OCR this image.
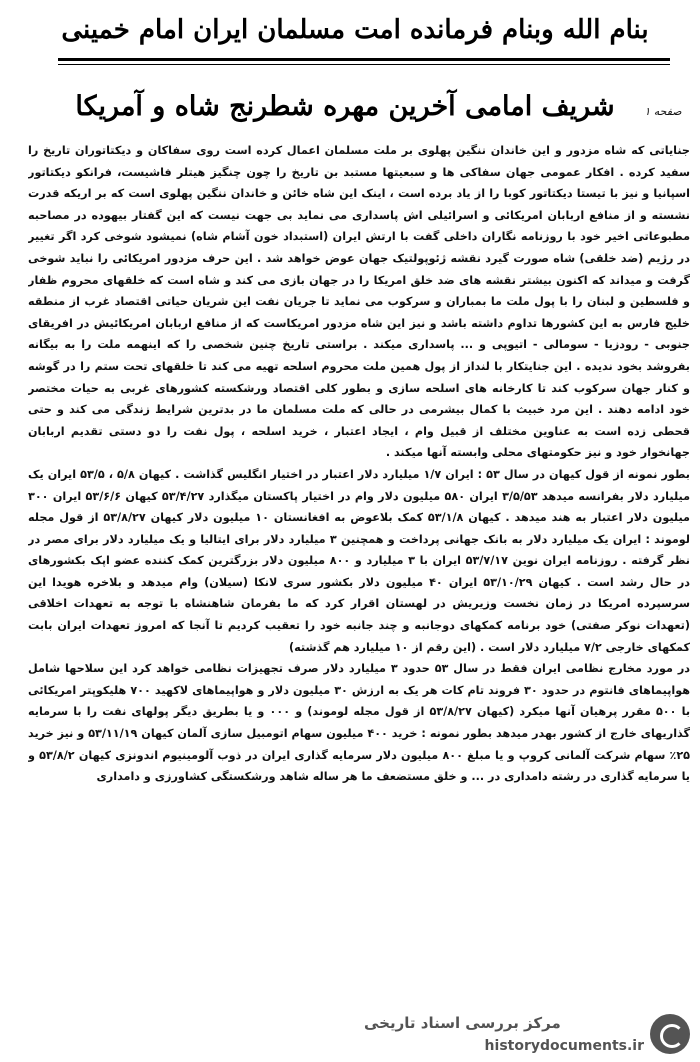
بنام الله وبنام فرمانده امت مسلمان ایران امام خمینی
شریف امامی آخرین مهره شطرنج شاه و آمریکا	صفحه ۱

جنایاتی که شاه مزدور و این خاندان ننگین پهلوی بر ملت مسلمان اعمال کرده است روی سفاکان و دیکتاتوران تاریخ را سفید کرده . افکار عمومی جهان سفاکی ها و سبعیتها مستبد بن تاریخ را چون چنگیز هیتلر فاشیست، فرانکو دیکتاتور اسپانیا و نیز با تیستا دیکتاتور کوبا را از یاد برده است ، اینک این شاه خائن و خاندان ننگین پهلوی است که بر اریکه قدرت نشسته و از منافع اربابان امریکائی و اسرائیلی اش پاسداری می نماید بی جهت نیست که این گفتار بیهوده در مصاحبه مطبوعاتی اخیر خود با روزنامه نگاران داخلی گفت با ارتش ایران (استبداد خون آشام شاه) نمیشود شوخی کرد اگر تغییر در رژیم (ضد خلقی) شاه صورت گیرد نقشه ژئوپولتیک جهان عوض خواهد شد . این حرف مزدور امریکائی را نباید شوخی گرفت و میداند که اکنون بیشتر نقشه های ضد خلق امریکا را در جهان بازی می کند و شاه است که خلقهای محروم ظفار و فلسطین و لبنان را با پول ملت ما بمباران و سرکوب می نماید تا جریان نفت این شریان حیاتی اقتصاد غرب از منطقه خلیج فارس به این کشورها تداوم داشته باشد و نیز این شاه مزدور امریکاست که از منافع اربابان امریکائیش در افریقای جنوبی - رودزیا - سومالی - اتیوپی و ... پاسداری میکند . براستی تاریخ چنین شخصی را که اینهمه ملت را به بیگانه بفروشد بخود ندیده . این جنایتکار با لنداز از پول همین ملت محروم اسلحه تهیه می کند تا خلقهای تحت ستم را در گوشه و کنار جهان سرکوب کند تا کارخانه های اسلحه سازی و بطور کلی اقتصاد ورشکسته کشورهای غربی به حیات مختصر خود ادامه دهند . این مرد خبیث با کمال بیشرمی در حالی که ملت مسلمان ما در بدترین شرایط زندگی می کند و حتی قحطی زده است به عناوین مختلف از قبیل وام ، ایجاد اعتبار ، خرید اسلحه ، پول نفت را دو دستی تقدیم اربابان جهانخوار خود و نیز حکومتهای محلی وابسته آنها میکند .

بطور نمونه از قول کیهان در سال ۵۳ : ایران ۱/۷ میلیارد دلار اعتبار در اختیار انگلیس گذاشت . کیهان ۵/۸ ، ۵۳/۵ ایران یک میلیارد دلار بفرانسه میدهد ۳/۵/۵۳ ایران ۵۸۰ میلیون دلار وام در اختیار پاکستان میگذارد ۵۳/۴/۲۷ کیهان ۵۳/۶/۶ ایران ۳۰۰ میلیون دلار اعتبار به هند میدهد . کیهان ۵۳/۱/۸ کمک بلاعوض به افغانستان ۱۰ میلیون دلار کیهان ۵۳/۸/۲۷ از قول مجله لوموند : ایران یک میلیارد دلار به بانک جهانی پرداخت و همچنین ۳ میلیارد دلار برای ایتالیا و یک میلیارد دلار برای مصر در نظر گرفته . روزنامه ایران نوین ۵۳/۷/۱۷ ایران با ۳ میلیارد و ۸۰۰ میلیون دلار بزرگترین کمک کننده عضو اپک بکشورهای در حال رشد است . کیهان ۵۳/۱۰/۲۹ ایران ۴۰ میلیون دلار بکشور سری لانکا (سیلان) وام میدهد و بلاخره هویدا این سرسپرده امریکا در زمان نخست وزیریش در لهستان اقرار کرد که ما بفرمان شاهنشاه با توجه به تعهدات اخلاقی (تعهدات نوکر صفتی) خود برنامه کمکهای دوجانبه و چند جانبه خود را تعقیب کردیم تا آنجا که امروز تعهدات ایران بابت کمکهای خارجی ۷/۲ میلیارد دلار است . (این رقم از ۱۰ میلیارد هم گذشته)

در مورد مخارج نظامی ایران فقط در سال ۵۳ حدود ۳ میلیارد دلار صرف تجهیزات نظامی خواهد کرد این سلاحها شامل هواپیماهای فانتوم در حدود ۳۰ فروند تام کات هر یک به ارزش ۳۰ میلیون دلار و هواپیماهای لاکهید ۷۰۰ هلیکوپتر امریکائی با ۵۰۰ مقرر پرهیان آنها میکرد (کیهان ۵۳/۸/۲۷ از قول مجله لوموند) و ۰۰۰ و یا بطریق دیگر پولهای نفت را با سرمایه گذاریهای خارج از کشور بهدر میدهد بطور نمونه : خرید ۴۰۰ میلیون سهام اتومبیل سازی آلمان کیهان ۵۳/۱۱/۱۹ و نیز خرید ۲۵٪ سهام شرکت آلمانی کروپ و یا مبلغ ۸۰۰ میلیون دلار سرمایه گذاری ایران در ذوب آلومینیوم اندونزی کیهان ۵۳/۸/۲ و یا سرمایه گذاری در رشته دامداری در ... و خلق مستضعف ما هر ساله شاهد ورشکستگی کشاورزی و دامداری

مرکز بررسی اسناد تاریخی
historydocuments.ir
